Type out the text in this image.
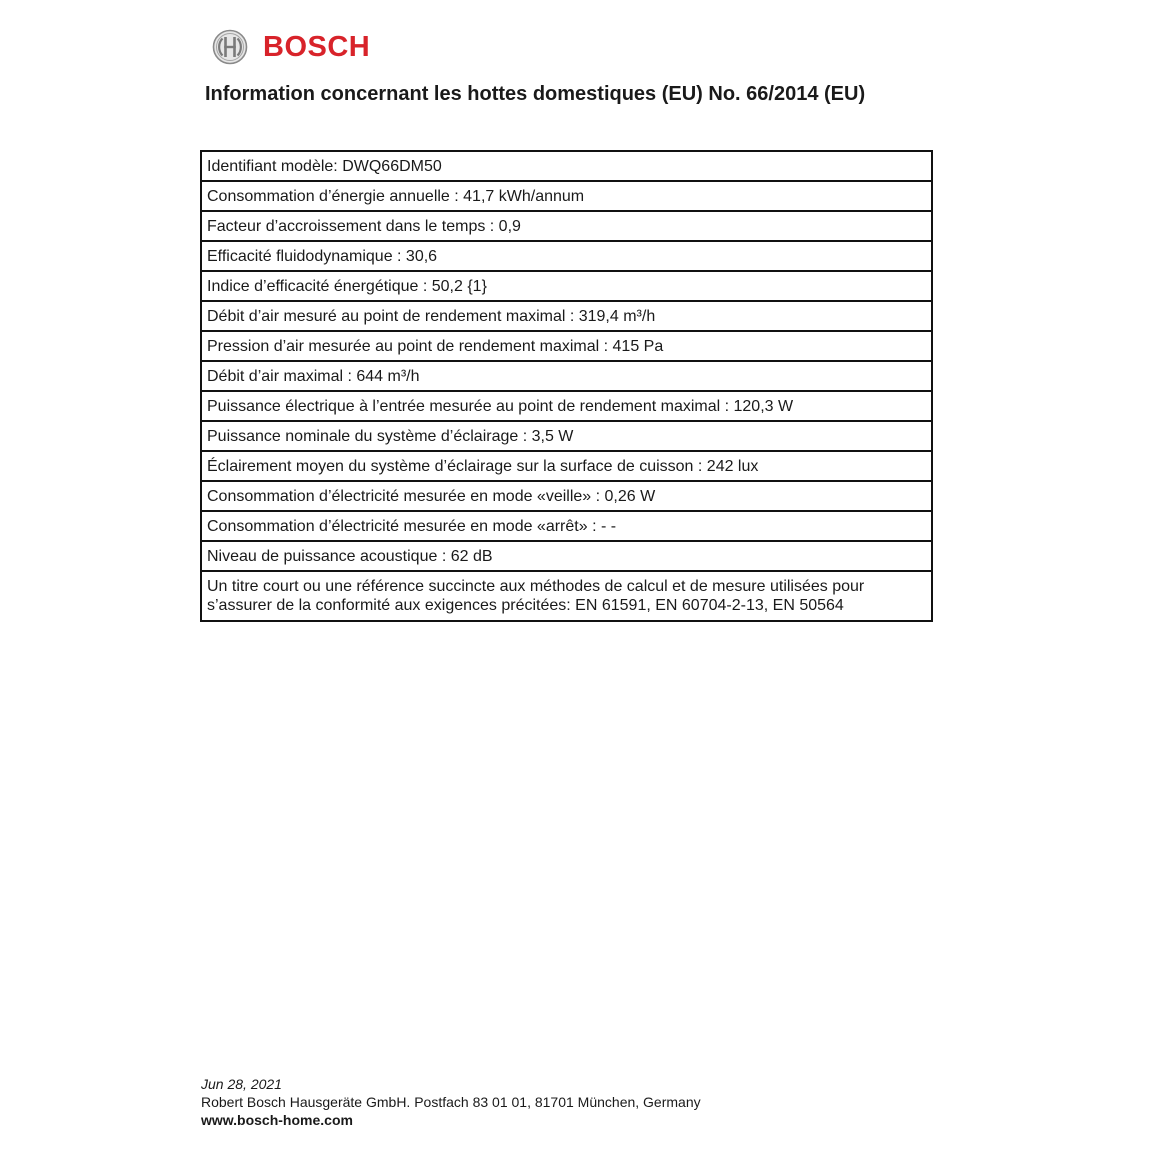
BOSCH
Information concernant les hottes domestiques (EU) No. 66/2014 (EU)
Identifiant modèle: DWQ66DM50
Consommation d’énergie annuelle : 41,7 kWh/annum
Facteur d’accroissement dans le temps : 0,9
Efficacité fluidodynamique : 30,6
Indice d’efficacité énergétique : 50,2 {1}
Débit d’air mesuré au point de rendement maximal : 319,4 m³/h
Pression d’air mesurée au point de rendement maximal : 415 Pa
Débit d’air maximal : 644 m³/h
Puissance électrique à l’entrée mesurée au point de rendement maximal : 120,3 W
Puissance nominale du système d’éclairage : 3,5 W
Éclairement moyen du système d’éclairage sur la surface de cuisson : 242 lux
Consommation d’électricité mesurée en mode «veille» : 0,26 W
Consommation d’électricité mesurée en mode «arrêt» : - -
Niveau de puissance acoustique : 62 dB
Un titre court ou une référence succincte aux méthodes de calcul et de mesure utilisées pour
s’assurer de la conformité aux exigences précitées: EN 61591, EN 60704-2-13, EN 50564
Jun 28, 2021
Robert Bosch Hausgeräte GmbH. Postfach 83 01 01, 81701 München, Germany
www.bosch-home.com
